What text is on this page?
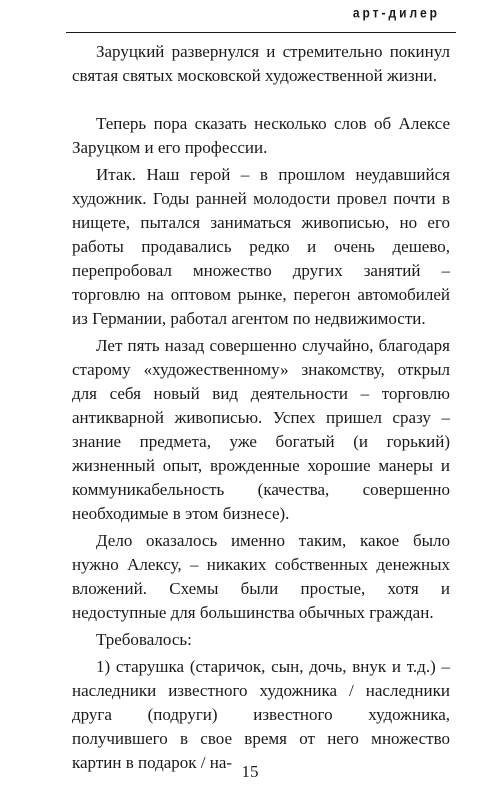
арт-дилер

Заруцкий развернулся и стремительно покинул святая святых московской художественной жизни.

Теперь пора сказать несколько слов об Алексе Заруцком и его профессии.

Итак. Наш герой – в прошлом неудавшийся художник. Годы ранней молодости провел почти в нищете, пытался заниматься живописью, но его работы продавались редко и очень дешево, перепробовал множество других занятий – торговлю на оптовом рынке, перегон автомобилей из Германии, работал агентом по недвижимости.

Лет пять назад совершенно случайно, благодаря старому «художественному» знакомству, открыл для себя новый вид деятельности – торговлю антикварной живописью. Успех пришел сразу – знание предмета, уже богатый (и горький) жизненный опыт, врожденные хорошие манеры и коммуникабельность (качества, совершенно необходимые в этом бизнесе).

Дело оказалось именно таким, какое было нужно Алексу, – никаких собственных денежных вложений. Схемы были простые, хотя и недоступные для большинства обычных граждан.

Требовалось:

1) старушка (старичок, сын, дочь, внук и т.д.) – наследники известного художника / наследники друга (подруги) известного художника, получившего в свое время от него множество картин в подарок / на- 15
